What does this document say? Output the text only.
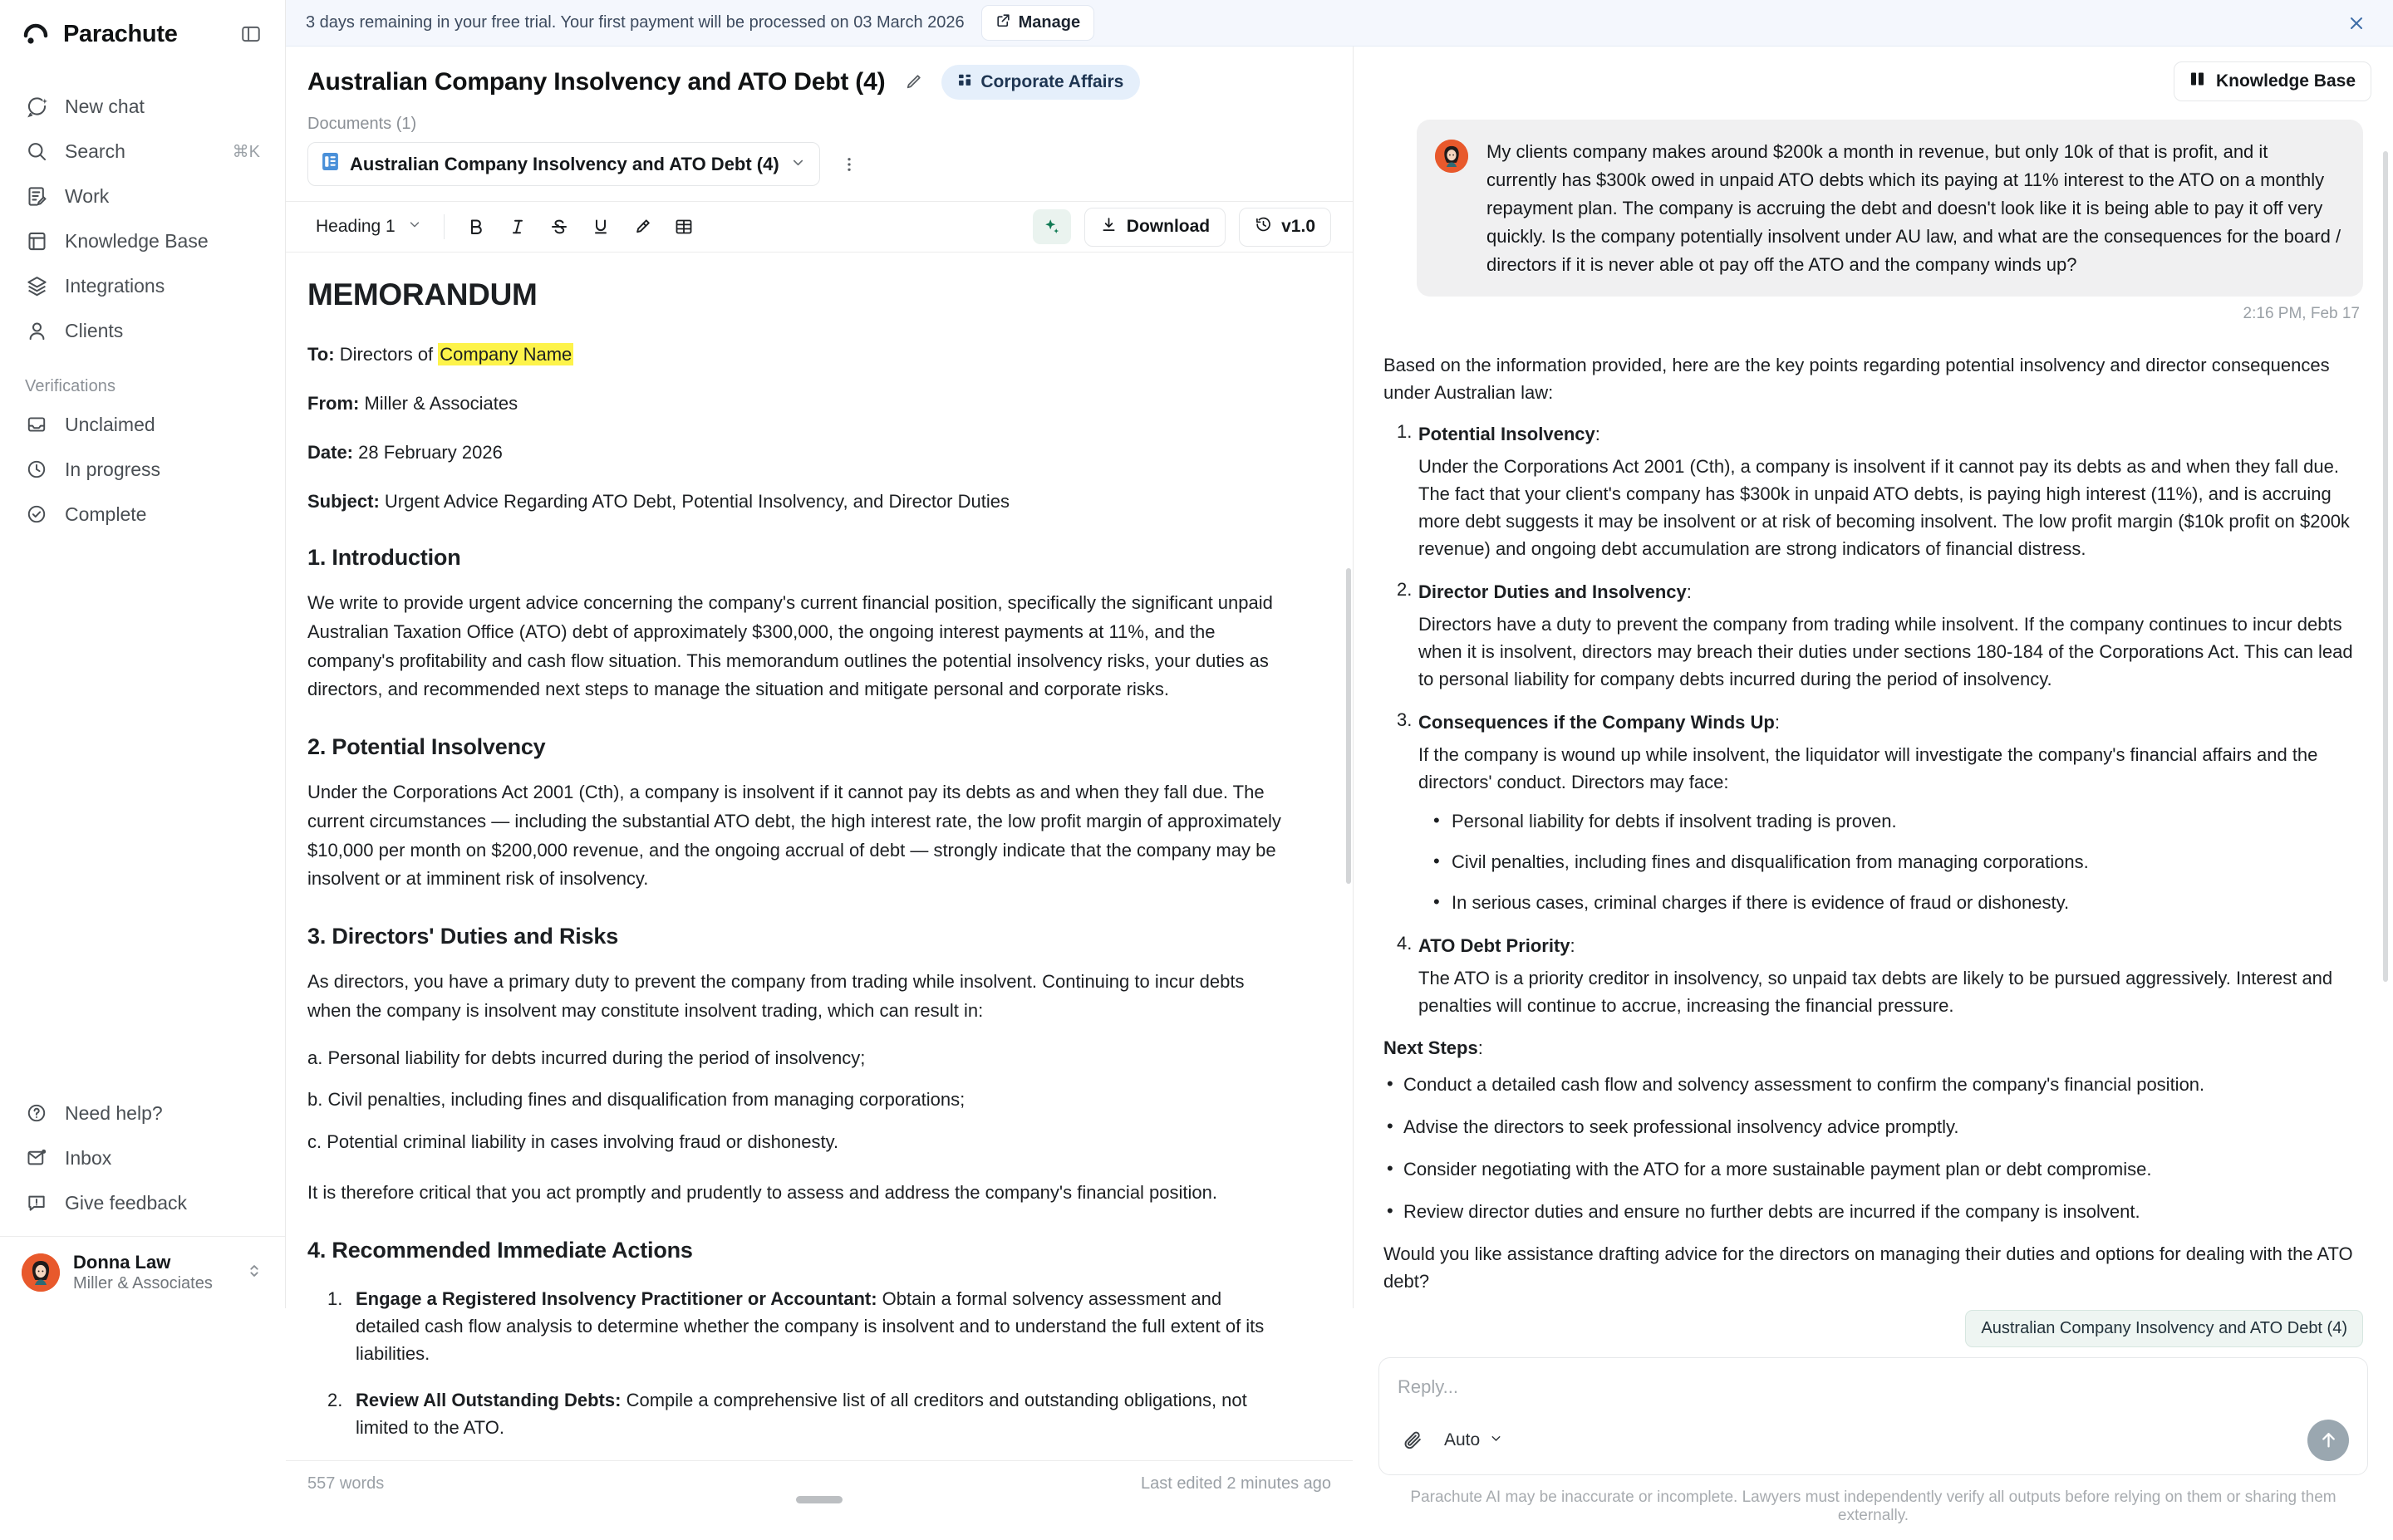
Parachute
New chat
Search	⌘K
Work
Knowledge Base
Integrations
Clients
Verifications
Unclaimed
In progress
Complete
Need help?
Inbox
Give feedback
Donna Law
Miller & Associates
3 days remaining in your free trial. Your first payment will be processed on 03 March 2026	Manage
Australian Company Insolvency and ATO Debt (4)	Corporate Affairs
Documents (1)
Australian Company Insolvency and ATO Debt (4)
Heading 1	Download	v1.0
MEMORANDUM
To: Directors of Company Name
From: Miller & Associates
Date: 28 February 2026
Subject: Urgent Advice Regarding ATO Debt, Potential Insolvency, and Director Duties
1. Introduction
We write to provide urgent advice concerning the company's current financial position, specifically the significant unpaid Australian Taxation Office (ATO) debt of approximately $300,000, the ongoing interest payments at 11%, and the company's profitability and cash flow situation. This memorandum outlines the potential insolvency risks, your duties as directors, and recommended next steps to manage the situation and mitigate personal and corporate risks.
2. Potential Insolvency
Under the Corporations Act 2001 (Cth), a company is insolvent if it cannot pay its debts as and when they fall due. The current circumstances — including the substantial ATO debt, the high interest rate, the low profit margin of approximately $10,000 per month on $200,000 revenue, and the ongoing accrual of debt — strongly indicate that the company may be insolvent or at imminent risk of insolvency.
3. Directors' Duties and Risks
As directors, you have a primary duty to prevent the company from trading while insolvent. Continuing to incur debts when the company is insolvent may constitute insolvent trading, which can result in:
a. Personal liability for debts incurred during the period of insolvency;
b. Civil penalties, including fines and disqualification from managing corporations;
c. Potential criminal liability in cases involving fraud or dishonesty.
It is therefore critical that you act promptly and prudently to assess and address the company's financial position.
4. Recommended Immediate Actions
Engage a Registered Insolvency Practitioner or Accountant: Obtain a formal solvency assessment and detailed cash flow analysis to determine whether the company is insolvent and to understand the full extent of its liabilities.
Review All Outstanding Debts: Compile a comprehensive list of all creditors and outstanding obligations, not limited to the ATO.
557 words	Last edited 2 minutes ago
Knowledge Base
My clients company makes around $200k a month in revenue, but only 10k of that is profit, and it currently has $300k owed in unpaid ATO debts which its paying at 11% interest to the ATO on a monthly repayment plan. The company is accruing the debt and doesn't look like it is being able to pay it off very quickly. Is the company potentially insolvent under AU law, and what are the consequences for the board / directors if it is never able ot pay off the ATO and the company winds up?
2:16 PM, Feb 17
Based on the information provided, here are the key points regarding potential insolvency and director consequences under Australian law:
Potential Insolvency:
Under the Corporations Act 2001 (Cth), a company is insolvent if it cannot pay its debts as and when they fall due. The fact that your client's company has $300k in unpaid ATO debts, is paying high interest (11%), and is accruing more debt suggests it may be insolvent or at risk of becoming insolvent. The low profit margin ($10k profit on $200k revenue) and ongoing debt accumulation are strong indicators of financial distress.
Director Duties and Insolvency:
Directors have a duty to prevent the company from trading while insolvent. If the company continues to incur debts when it is insolvent, directors may breach their duties under sections 180-184 of the Corporations Act. This can lead to personal liability for company debts incurred during the period of insolvency.
Consequences if the Company Winds Up:
If the company is wound up while insolvent, the liquidator will investigate the company's financial affairs and the directors' conduct. Directors may face:
• Personal liability for debts if insolvent trading is proven.
• Civil penalties, including fines and disqualification from managing corporations.
• In serious cases, criminal charges if there is evidence of fraud or dishonesty.
ATO Debt Priority:
The ATO is a priority creditor in insolvency, so unpaid tax debts are likely to be pursued aggressively. Interest and penalties will continue to accrue, increasing the financial pressure.
Next Steps:
• Conduct a detailed cash flow and solvency assessment to confirm the company's financial position.
• Advise the directors to seek professional insolvency advice promptly.
• Consider negotiating with the ATO for a more sustainable payment plan or debt compromise.
• Review director duties and ensure no further debts are incurred if the company is insolvent.
Would you like assistance drafting advice for the directors on managing their duties and options for dealing with the ATO debt?
Australian Company Insolvency and ATO Debt (4)
Reply...
Auto
Parachute AI may be inaccurate or incomplete. Lawyers must independently verify all outputs before relying on them or sharing them externally.
